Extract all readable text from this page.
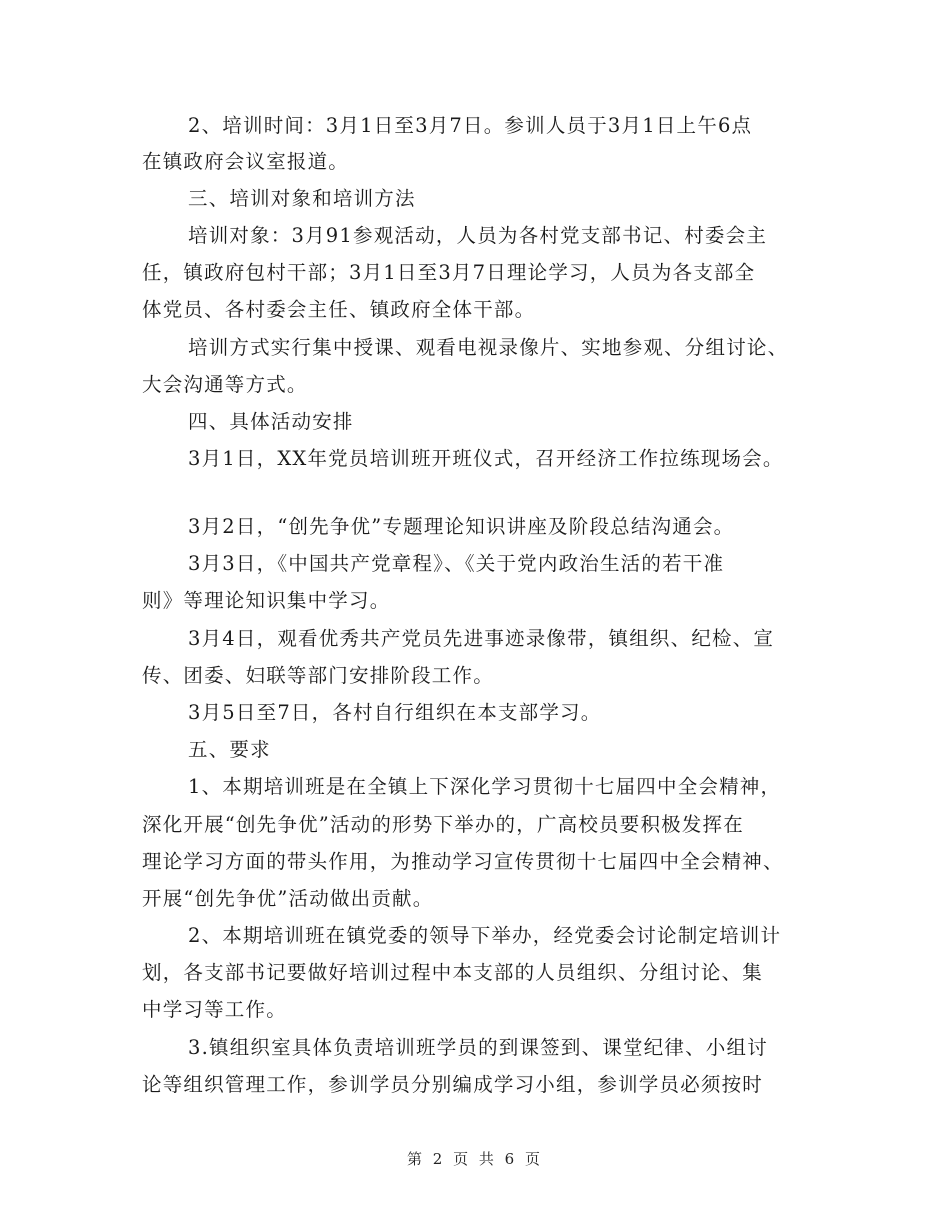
2、培训时间：3月1日至3月7日。参训人员于3月1日上午6点
在镇政府会议室报道。
三、培训对象和培训方法
培训对象：3月91参观活动，人员为各村党支部书记、村委会主
任，镇政府包村干部；3月1日至3月7日理论学习，人员为各支部全
体党员、各村委会主任、镇政府全体干部。
培训方式实行集中授课、观看电视录像片、实地参观、分组讨论、
大会沟通等方式。
四、具体活动安排
3月1日，XX年党员培训班开班仪式，召开经济工作拉练现场会。
3月2日，“创先争优”专题理论知识讲座及阶段总结沟通会。
3月3日，《中国共产党章程》、《关于党内政治生活的若干准
则》等理论知识集中学习。
3月4日，观看优秀共产党员先进事迹录像带，镇组织、纪检、宣
传、团委、妇联等部门安排阶段工作。
3月5日至7日，各村自行组织在本支部学习。
五、要求
1、本期培训班是在全镇上下深化学习贯彻十七届四中全会精神，
深化开展“创先争优”活动的形势下举办的，广高校员要积极发挥在
理论学习方面的带头作用，为推动学习宣传贯彻十七届四中全会精神、
开展“创先争优”活动做出贡献。
2、本期培训班在镇党委的领导下举办，经党委会讨论制定培训计
划，各支部书记要做好培训过程中本支部的人员组织、分组讨论、集
中学习等工作。
3.镇组织室具体负责培训班学员的到课签到、课堂纪律、小组讨
论等组织管理工作，参训学员分别编成学习小组，参训学员必须按时
第 2 页 共 6 页
